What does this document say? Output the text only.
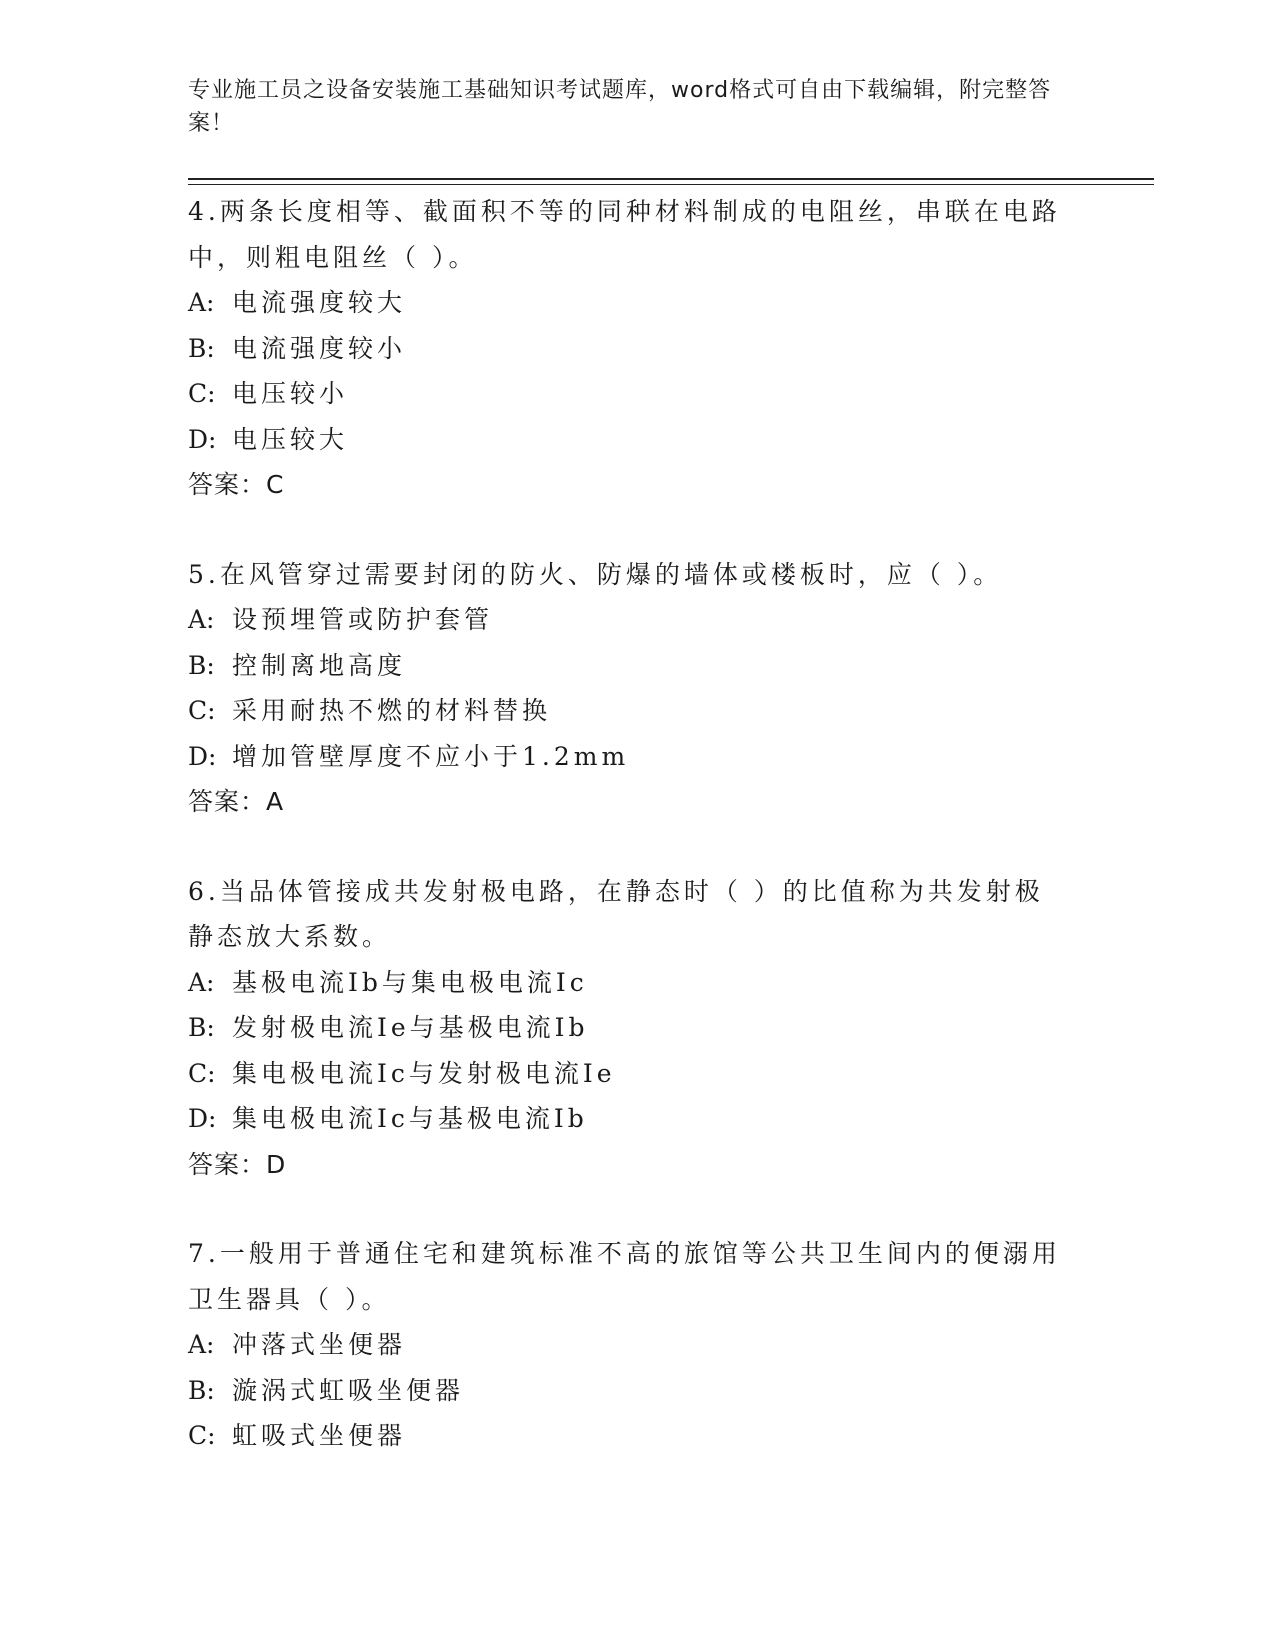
专业施工员之设备安装施工基础知识考试题库，word格式可自由下载编辑，附完整答案！

4.两条长度相等、截面积不等的同种材料制成的电阻丝，串联在电路中，则粗电阻丝（ ）。

A: 电流强度较大

B: 电流强度较小

C: 电压较小

D: 电压较大

答案：C

5.在风管穿过需要封闭的防火、防爆的墙体或楼板时，应（ ）。

A: 设预埋管或防护套管

B: 控制离地高度

C: 采用耐热不燃的材料替换

D: 增加管壁厚度不应小于1.2mm

答案：A

6.当品体管接成共发射极电路，在静态时（ ）的比值称为共发射极静态放大系数。

A: 基极电流Ib与集电极电流Ic

B: 发射极电流Ie与基极电流Ib

C: 集电极电流Ic与发射极电流Ie

D: 集电极电流Ic与基极电流Ib

答案：D

7.一般用于普通住宅和建筑标准不高的旅馆等公共卫生间内的便溺用卫生器具（ ）。

A: 冲落式坐便器

B: 漩涡式虹吸坐便器

C: 虹吸式坐便器
